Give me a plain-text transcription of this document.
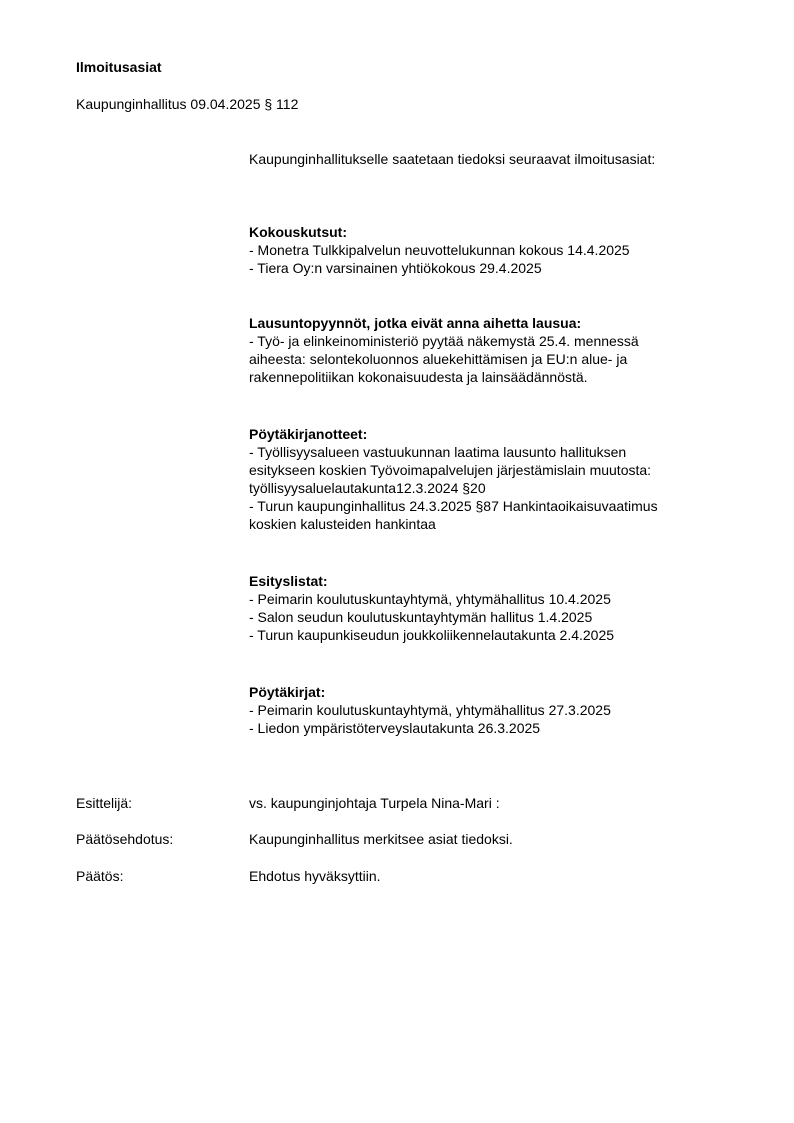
Ilmoitusasiat
Kaupunginhallitus 09.04.2025 § 112
Kaupunginhallitukselle saatetaan tiedoksi seuraavat ilmoitusasiat:
Kokouskutsut:
- Monetra Tulkkipalvelun neuvottelukunnan kokous 14.4.2025
- Tiera Oy:n varsinainen yhtiökokous 29.4.2025
Lausuntopyynnöt, jotka eivät anna aihetta lausua:
- Työ- ja elinkeinoministeriö pyytää näkemystä 25.4. mennessä
aiheesta: selontekoluonnos aluekehittämisen ja EU:n alue- ja
rakennepolitiikan kokonaisuudesta ja lainsäädännöstä.
Pöytäkirjanotteet:
- Työllisyysalueen vastuukunnan laatima lausunto hallituksen
esitykseen koskien Työvoimapalvelujen järjestämislain muutosta:
työllisyysaluelautakunta12.3.2024 §20
- Turun kaupunginhallitus 24.3.2025 §87 Hankintaoikaisuvaatimus
koskien kalusteiden hankintaa
Esityslistat:
- Peimarin koulutuskuntayhtymä, yhtymähallitus 10.4.2025
- Salon seudun koulutuskuntayhtymän hallitus 1.4.2025
- Turun kaupunkiseudun joukkoliikennelautakunta 2.4.2025
Pöytäkirjat:
- Peimarin koulutuskuntayhtymä, yhtymähallitus 27.3.2025
- Liedon ympäristöterveyslautakunta 26.3.2025
Esittelijä:	vs. kaupunginjohtaja Turpela Nina-Mari :
Päätösehdotus:	Kaupunginhallitus merkitsee asiat tiedoksi.
Päätös:	Ehdotus hyväksyttiin.
